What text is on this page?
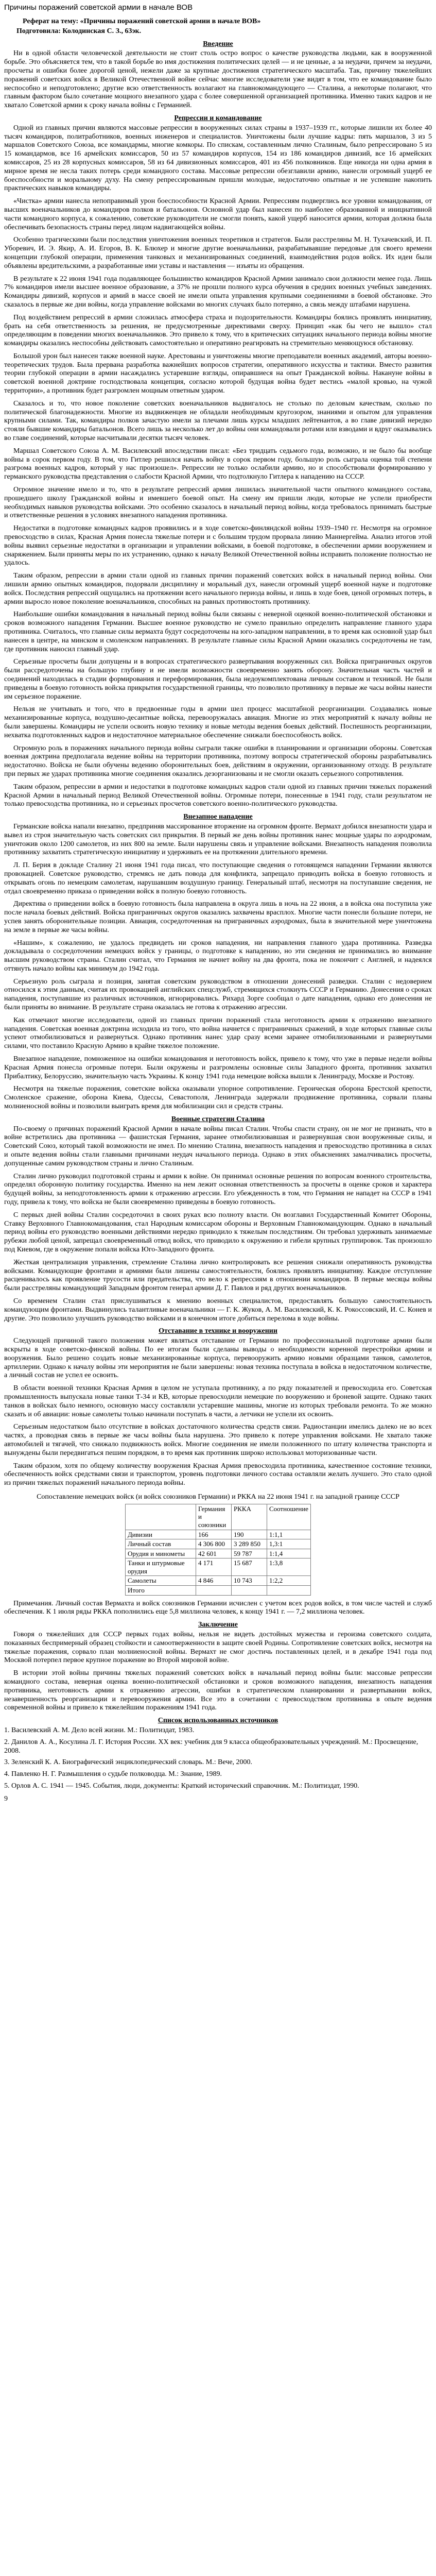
Причины поражений советской армии в начале ВОВ
Реферат на тему: «Причины поражений советской армии в начале ВОВ»
Подготовила: Колодинская С. З., 63эк.
Введение

Ни в одной области человеческой деятельности не стоит столь остро вопрос о качестве руководства людьми, как в вооруженной борьбе. Это объясняется тем, что в такой борьбе во имя достижения политических целей — и не ценные, а за неудачи, причем за неудачи, просчеты и ошибки более дорогой ценой, нежели даже за крупные достижения стратегического масштаба. Так, причину тяжелейших поражений советских войск в Великой Отечественной войне сейчас многие исследователи уже видят в том, что ее командование было неспособно и неподготовлено; другие всю ответственность возлагают на главнокомандующего — Сталина, а некоторые полагают, что главным фактором было сочетание мощного внезапного удара с более совершенной организацией противника. Именно таких кадров и не хватало Советской армии к сроку начала войны с Германией.

Репрессии и командование

Одной из главных причин являются массовые репрессии в вооруженных силах страны в 1937–1939 гг., которые лишили их более 40 тысяч командиров, политработников, военных инженеров и специалистов. Уничтожены были лучшие кадры: пять маршалов, 3 из 5 маршалов Советского Союза, все командармы, многие комкоры. По спискам, составленным лично Сталиным, было репрессировано 5 из 15 командармов, все 16 армейских комиссаров, 50 из 57 командиров корпусов, 154 из 186 командиров дивизий, все 16 армейских комиссаров, 25 из 28 корпусных комиссаров, 58 из 64 дивизионных комиссаров, 401 из 456 полковников. Еще никогда ни одна армия в мирное время не несла таких потерь среди командного состава. Массовые репрессии обезглавили армию, нанесли огромный ущерб ее боеспособности и моральному духу. На смену репрессированным пришли молодые, недостаточно опытные и не успевшие накопить практических навыков командиры.

«Чистка» армии нанесла непоправимый урон боеспособности Красной Армии. Репрессиям подверглись все уровни командования, от высших военачальников до командиров полков и батальонов. Основной удар был нанесен по наиболее образованной и инициативной части командного корпуса, к сожалению, советские руководители не смогли понять, какой ущерб наносится армии, которая должна была обеспечивать безопасность страны перед лицом надвигающейся войны.

Особенно трагическими были последствия уничтожения военных теоретиков и стратегов. Были расстреляны М. Н. Тухачевский, И. П. Уборевич, И. Э. Якир, А. И. Егоров, В. К. Блюхер и многие другие военачальники, разрабатывавшие передовые для своего времени концепции глубокой операции, применения танковых и механизированных соединений, взаимодействия родов войск. Их идеи были объявлены вредительскими, а разработанные ими уставы и наставления — изъяты из обращения.

В результате к 22 июня 1941 года подавляющее большинство командиров Красной Армии занимало свои должности менее года. Лишь 7% командиров имели высшее военное образование, а 37% не прошли полного курса обучения в средних военных учебных заведениях. Командиры дивизий, корпусов и армий в массе своей не имели опыта управления крупными соединениями в боевой обстановке. Это сказалось в первые же дни войны, когда управление войсками во многих случаях было потеряно, а связь между штабами нарушена.

Под воздействием репрессий в армии сложилась атмосфера страха и подозрительности. Командиры боялись проявлять инициативу, брать на себя ответственность за решения, не предусмотренные директивами сверху. Принцип «как бы чего не вышло» стал определяющим в поведении многих военачальников. Это привело к тому, что в критических ситуациях начального периода войны многие командиры оказались неспособны действовать самостоятельно и оперативно реагировать на стремительно меняющуюся обстановку.

Большой урон был нанесен также военной науке. Арестованы и уничтожены многие преподаватели военных академий, авторы военно-теоретических трудов. Была прервана разработка важнейших вопросов стратегии, оперативного искусства и тактики. Вместо развития теории глубокой операции в армии насаждались устаревшие взгляды, опиравшиеся на опыт Гражданской войны. Накануне войны в советской военной доктрине господствовала концепция, согласно которой будущая война будет вестись «малой кровью, на чужой территории», а противник будет разгромлен мощным ответным ударом.

Сказалось и то, что новое поколение советских военачальников выдвигалось не столько по деловым качествам, сколько по политической благонадежности. Многие из выдвиженцев не обладали необходимым кругозором, знаниями и опытом для управления крупными силами. Так, командиры полков зачастую имели за плечами лишь курсы младших лейтенантов, а во главе дивизий нередко стояли бывшие командиры батальонов. Всего лишь за несколько лет до войны они командовали ротами или взводами и вдруг оказывались во главе соединений, которые насчитывали десятки тысяч человек.

Маршал Советского Союза А. М. Василевский впоследствии писал: «Без тридцать седьмого года, возможно, и не было бы вообще войны в сорок первом году. В том, что Гитлер решился начать войну в сорок первом году, большую роль сыграла оценка той степени разгрома военных кадров, который у нас произошел». Репрессии не только ослабили армию, но и способствовали формированию у германского руководства представления о слабости Красной Армии, что подтолкнуло Гитлера к нападению на СССР.

Огромное значение имело и то, что в результате репрессий армия лишилась значительной части опытного командного состава, прошедшего школу Гражданской войны и имевшего боевой опыт. На смену им пришли люди, которые не успели приобрести необходимых навыков руководства войсками. Это особенно сказалось в начальный период войны, когда требовалось принимать быстрые и ответственные решения в условиях внезапного нападения противника.

Недостатки в подготовке командных кадров проявились и в ходе советско-финляндской войны 1939–1940 гг. Несмотря на огромное превосходство в силах, Красная Армия понесла тяжелые потери и с большим трудом прорвала линию Маннергейма. Анализ итогов этой войны выявил серьезные недостатки в организации и управлении войсками, в боевой подготовке, в обеспечении армии вооружением и снаряжением. Были приняты меры по их устранению, однако к началу Великой Отечественной войны исправить положение полностью не удалось.

Таким образом, репрессии в армии стали одной из главных причин поражений советских войск в начальный период войны. Они лишили армию опытных командиров, подорвали дисциплину и моральный дух, нанесли огромный ущерб военной науке и подготовке войск. Последствия репрессий ощущались на протяжении всего начального периода войны, и лишь в ходе боев, ценой огромных потерь, в армии выросло новое поколение военачальников, способных на равных противостоять противнику.

Наибольшие ошибки командования в начальный период войны были связаны с неверной оценкой военно-политической обстановки и сроков возможного нападения Германии. Высшее военное руководство не сумело правильно определить направление главного удара противника. Считалось, что главные силы вермахта будут сосредоточены на юго-западном направлении, в то время как основной удар был нанесен в центре, на минском и смоленском направлениях. В результате главные силы Красной Армии оказались сосредоточены не там, где противник наносил главный удар.

Серьезные просчеты были допущены и в вопросах стратегического развертывания вооруженных сил. Войска приграничных округов были рассредоточены на большую глубину и не имели возможности своевременно занять оборону. Значительная часть частей и соединений находилась в стадии формирования и переформирования, была недоукомплектована личным составом и техникой. Не были приведены в боевую готовность войска прикрытия государственной границы, что позволило противнику в первые же часы войны нанести им серьезное поражение.

Нельзя не учитывать и того, что в предвоенные годы в армии шел процесс масштабной реорганизации. Создавались новые механизированные корпуса, воздушно-десантные войска, перевооружалась авиация. Многие из этих мероприятий к началу войны не были завершены. Командиры не успели освоить новую технику и новые методы ведения боевых действий. Поспешность реорганизации, нехватка подготовленных кадров и недостаточное материальное обеспечение снижали боеспособность войск.

Огромную роль в поражениях начального периода войны сыграли также ошибки в планировании и организации обороны. Советская военная доктрина предполагала ведение войны на территории противника, поэтому вопросы стратегической обороны разрабатывались недостаточно. Войска не были обучены ведению оборонительных боев, действиям в окружении, организованному отходу. В результате при первых же ударах противника многие соединения оказались дезорганизованы и не смогли оказать серьезного сопротивления.

Таким образом, репрессии в армии и недостатки в подготовке командных кадров стали одной из главных причин тяжелых поражений Красной Армии в начальный период Великой Отечественной войны. Огромные потери, понесенные в 1941 году, стали результатом не только превосходства противника, но и серьезных просчетов советского военно-политического руководства.

Внезапное нападение

Германские войска напали внезапно, предприняв массированное вторжение на огромном фронте. Вермахт добился внезапности удара и вывел из строя значительную часть советских сил прикрытия. В первый же день войны противник нанес мощные удары по аэродромам, уничтожив около 1200 самолетов, из них 800 на земле. Были нарушены связь и управление войсками. Внезапность нападения позволила противнику захватить стратегическую инициативу и удерживать ее на протяжении длительного времени.

Л. П. Берия в докладе Сталину 21 июня 1941 года писал, что поступающие сведения о готовящемся нападении Германии являются провокацией. Советское руководство, стремясь не дать повода для конфликта, запрещало приводить войска в боевую готовность и открывать огонь по немецким самолетам, нарушавшим воздушную границу. Генеральный штаб, несмотря на поступавшие сведения, не отдал своевременно приказа о приведении войск в полную боевую готовность.

Директива о приведении войск в боевую готовность была направлена в округа лишь в ночь на 22 июня, а в войска она поступила уже после начала боевых действий. Войска приграничных округов оказались захвачены врасплох. Многие части понесли большие потери, не успев занять оборонительные позиции. Авиация, сосредоточенная на приграничных аэродромах, была в значительной мере уничтожена на земле в первые же часы войны.

«Нашим», к сожалению, не удалось предвидеть ни сроков нападения, ни направления главного удара противника. Разведка докладывала о сосредоточении немецких войск у границы, о подготовке к нападению, но эти сведения не принимались во внимание высшим руководством страны. Сталин считал, что Германия не начнет войну на два фронта, пока не покончит с Англией, и надеялся оттянуть начало войны как минимум до 1942 года.

Серьезную роль сыграла и позиция, занятая советским руководством в отношении донесений разведки. Сталин с недоверием относился к этим данным, считая их провокацией английских спецслужб, стремящихся столкнуть СССР и Германию. Донесения о сроках нападения, поступавшие из различных источников, игнорировались. Рихард Зорге сообщал о дате нападения, однако его донесения не были приняты во внимание. В результате страна оказалась не готова к отражению агрессии.

Как отмечают многие исследователи, одной из главных причин поражений стала неготовность армии к отражению внезапного нападения. Советская военная доктрина исходила из того, что война начнется с приграничных сражений, в ходе которых главные силы успеют отмобилизоваться и развернуться. Однако противник нанес удар сразу всеми заранее отмобилизованными и развернутыми силами, что поставило Красную Армию в крайне тяжелое положение.

Внезапное нападение, помноженное на ошибки командования и неготовность войск, привело к тому, что уже в первые недели войны Красная Армия понесла огромные потери. Были окружены и разгромлены основные силы Западного фронта, противник захватил Прибалтику, Белоруссию, значительную часть Украины. К концу 1941 года немецкие войска вышли к Ленинграду, Москве и Ростову.

Несмотря на тяжелые поражения, советские войска оказывали упорное сопротивление. Героическая оборона Брестской крепости, Смоленское сражение, оборона Киева, Одессы, Севастополя, Ленинграда задержали продвижение противника, сорвали планы молниеносной войны и позволили выиграть время для мобилизации сил и средств страны.

Военные стратегии Сталина

По-своему о причинах поражений Красной Армии в начале войны писал Сталин. Чтобы спасти страну, он не мог не признать, что в войне встретились два противника — фашистская Германия, заранее отмобилизовавшая и развернувшая свои вооруженные силы, и Советский Союз, который такой возможности не имел. По мнению Сталина, внезапность нападения и превосходство противника в силах и опыте ведения войны стали главными причинами неудач начального периода. Однако в этих объяснениях замалчивались просчеты, допущенные самим руководством страны и лично Сталиным.

Сталин лично руководил подготовкой страны и армии к войне. Он принимал основные решения по вопросам военного строительства, определял оборонную политику государства. Именно на нем лежит основная ответственность за просчеты в оценке сроков и характера будущей войны, за неподготовленность армии к отражению агрессии. Его убежденность в том, что Германия не нападет на СССР в 1941 году, привела к тому, что войска не были своевременно приведены в боевую готовность.

С первых дней войны Сталин сосредоточил в своих руках всю полноту власти. Он возглавил Государственный Комитет Обороны, Ставку Верховного Главнокомандования, стал Народным комиссаром обороны и Верховным Главнокомандующим. Однако в начальный период войны его руководство военными действиями нередко приводило к тяжелым последствиям. Он требовал удерживать занимаемые рубежи любой ценой, запрещал своевременный отвод войск, что приводило к окружению и гибели крупных группировок. Так произошло под Киевом, где в окружение попали войска Юго-Западного фронта.

Жесткая централизация управления, стремление Сталина лично контролировать все решения снижали оперативность руководства войсками. Командующие фронтами и армиями были лишены самостоятельности, боялись проявлять инициативу. Каждое отступление расценивалось как проявление трусости или предательства, что вело к репрессиям в отношении командиров. В первые месяцы войны были расстреляны командующий Западным фронтом генерал армии Д. Г. Павлов и ряд других военачальников.

Со временем Сталин стал прислушиваться к мнению военных специалистов, предоставлять большую самостоятельность командующим фронтами. Выдвинулись талантливые военачальники — Г. К. Жуков, А. М. Василевский, К. К. Рокоссовский, И. С. Конев и другие. Это позволило улучшить руководство войсками и в конечном итоге добиться перелома в ходе войны.

Отставание в технике и вооружении

Следующей причиной такого положения может являться отставание от Германии по профессиональной подготовке армии были вскрыты в ходе советско-финской войны. По ее итогам были сделаны выводы о необходимости коренной перестройки армии и вооружения. Было решено создать новые механизированные корпуса, перевооружить армию новыми образцами танков, самолетов, артиллерии. Однако к началу войны эти мероприятия не были завершены: новая техника поступала в войска в недостаточном количестве, а личный состав не успел ее освоить.

В области военной техники Красная Армия в целом не уступала противнику, а по ряду показателей и превосходила его. Советская промышленность выпускала новые танки Т-34 и КВ, которые превосходили немецкие по вооружению и броневой защите. Однако таких танков в войсках было немного, основную массу составляли устаревшие машины, многие из которых требовали ремонта. То же можно сказать и об авиации: новые самолеты только начинали поступать в части, а летчики не успели их освоить.

Серьезным недостатком было отсутствие в войсках достаточного количества средств связи. Радиостанции имелись далеко не во всех частях, а проводная связь в первые же часы войны была нарушена. Это привело к потере управления войсками. Не хватало также автомобилей и тягачей, что снижало подвижность войск. Многие соединения не имели положенного по штату количества транспорта и вынуждены были передвигаться пешим порядком, в то время как противник широко использовал моторизованные части.

Таким образом, хотя по общему количеству вооружения Красная Армия превосходила противника, качественное состояние техники, обеспеченность войск средствами связи и транспортом, уровень подготовки личного состава оставляли желать лучшего. Это стало одной из причин тяжелых поражений начального периода войны.

Сопоставление немецких войск (и войск союзников Германии) и РККА на 22 июня 1941 г. на западной границе СССР
	Германия и союзники	РККА	Соотношение
Дивизии	166	190	1:1,1
Личный состав	4 306 800	3 289 850	1,3:1
Орудия и минометы	42 601	59 787	1:1,4
Танки и штурмовые орудия	4 171	15 687	1:3,8
Самолеты	4 846	10 743	1:2,2
Итого			

Примечания. Личный состав Вермахта и войск союзников Германии исчислен с учетом всех родов войск, в том числе частей и служб обеспечения. К 1 июля ряды РККА пополнились еще 5,8 миллиона человек, к концу 1941 г. — 7,2 миллиона человек.

Заключение

Говоря о тяжелейших для СССР первых годах войны, нельзя не видеть достойных мужества и героизма советского солдата, показанных беспримерный образец стойкости и самоотверженности в защите своей Родины. Сопротивление советских войск, несмотря на тяжелые поражения, сорвало план молниеносной войны. Вермахт не смог достичь поставленных целей, и в декабре 1941 года под Москвой потерпел первое крупное поражение во Второй мировой войне.

В истории этой войны причины тяжелых поражений советских войск в начальный период войны были: массовые репрессии командного состава, неверная оценка военно-политической обстановки и сроков возможного нападения, внезапность нападения противника, неготовность армии к отражению агрессии, ошибки в стратегическом планировании и развертывании войск, незавершенность реорганизации и перевооружения армии. Все это в сочетании с превосходством противника в опыте ведения современной войны и привело к тяжелейшим поражениям 1941 года.

Список использованных источников
1. Василевский А. М. Дело всей жизни. М.: Политиздат, 1983.
2. Данилов А. А., Косулина Л. Г. История России. XX век: учебник для 9 класса общеобразовательных учреждений. М.: Просвещение, 2008.
3. Зеленский К. А. Биографический энциклопедический словарь. М.: Вече, 2000.
4. Павленко Н. Г. Размышления о судьбе полководца. М.: Знание, 1989.
5. Орлов А. С. 1941 — 1945. События, люди, документы: Краткий исторический справочник. М.: Политиздат, 1990.
9
